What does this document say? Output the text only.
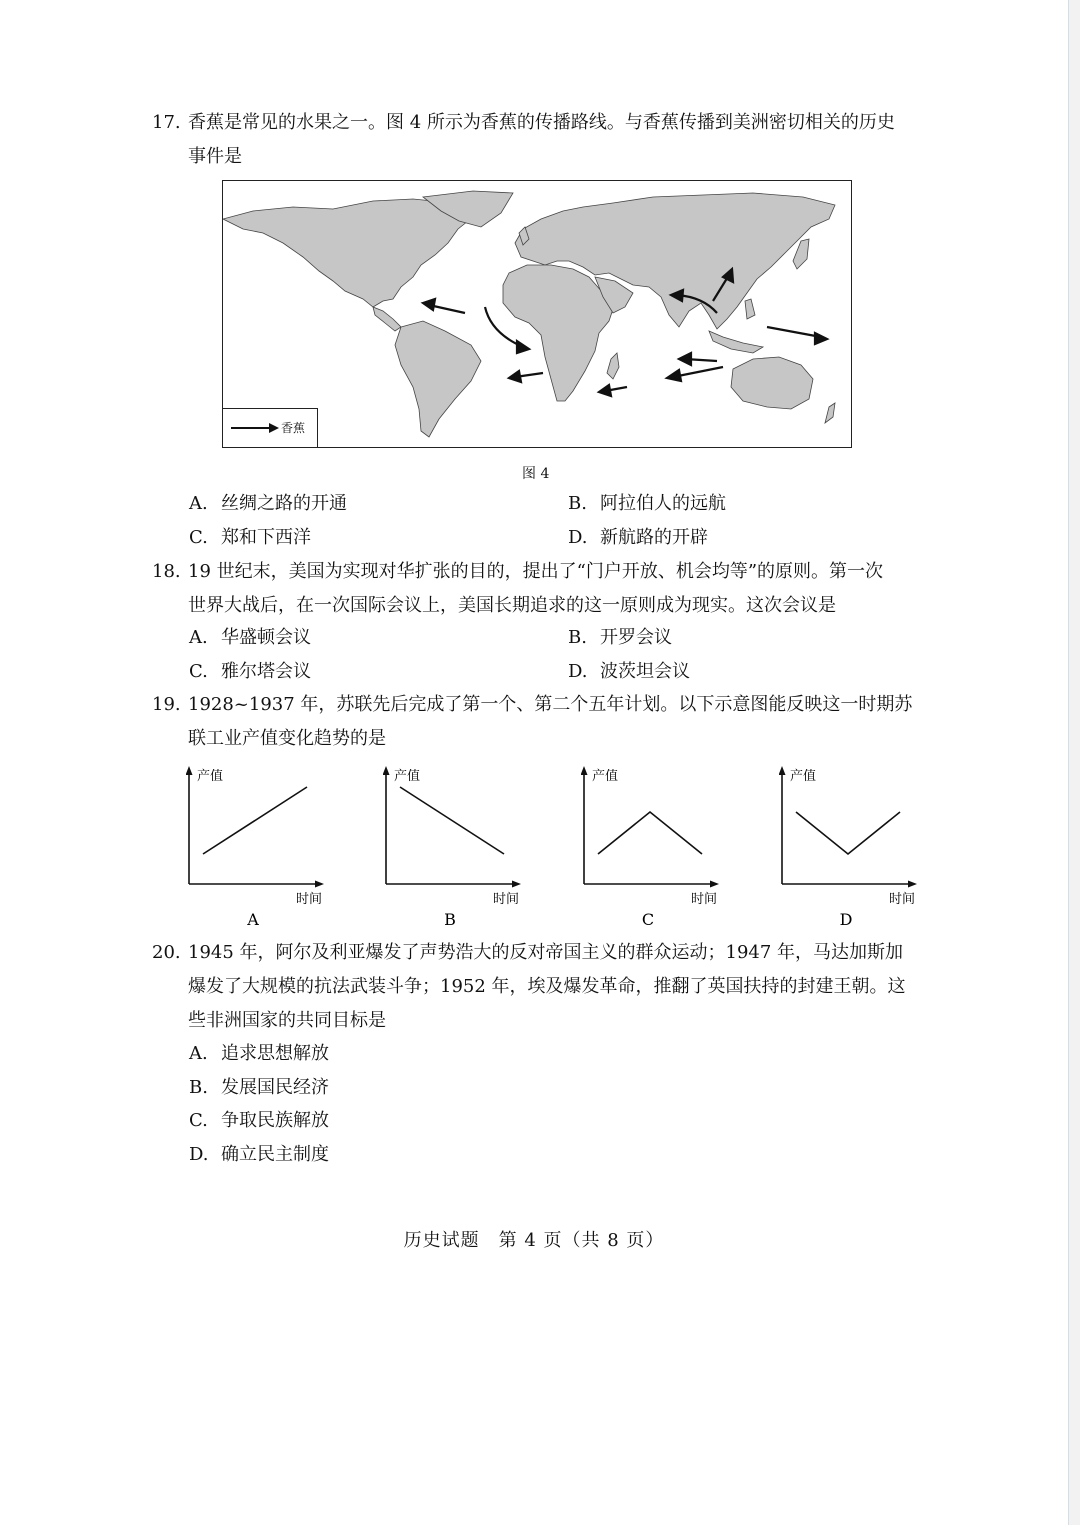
17. 香蕉是常见的水果之一。图 4 所示为香蕉的传播路线。与香蕉传播到美洲密切相关的历史
事件是
香蕉
图 4
A. 丝绸之路的开通	B. 阿拉伯人的远航
C. 郑和下西洋	D. 新航路的开辟
18. 19 世纪末，美国为实现对华扩张的目的，提出了“门户开放、机会均等”的原则。第一次
世界大战后，在一次国际会议上，美国长期追求的这一原则成为现实。这次会议是
A. 华盛顿会议	B. 开罗会议
C. 雅尔塔会议	D. 波茨坦会议
19. 1928~1937 年，苏联先后完成了第一个、第二个五年计划。以下示意图能反映这一时期苏
联工业产值变化趋势的是
产值
时间
A
产值
时间
B
产值
时间
C
产值
时间
D
20. 1945 年，阿尔及利亚爆发了声势浩大的反对帝国主义的群众运动；1947 年，马达加斯加
爆发了大规模的抗法武装斗争；1952 年，埃及爆发革命，推翻了英国扶持的封建王朝。这
些非洲国家的共同目标是
A. 追求思想解放
B. 发展国民经济
C. 争取民族解放
D. 确立民主制度
历史试题　第 4 页（共 8 页）
